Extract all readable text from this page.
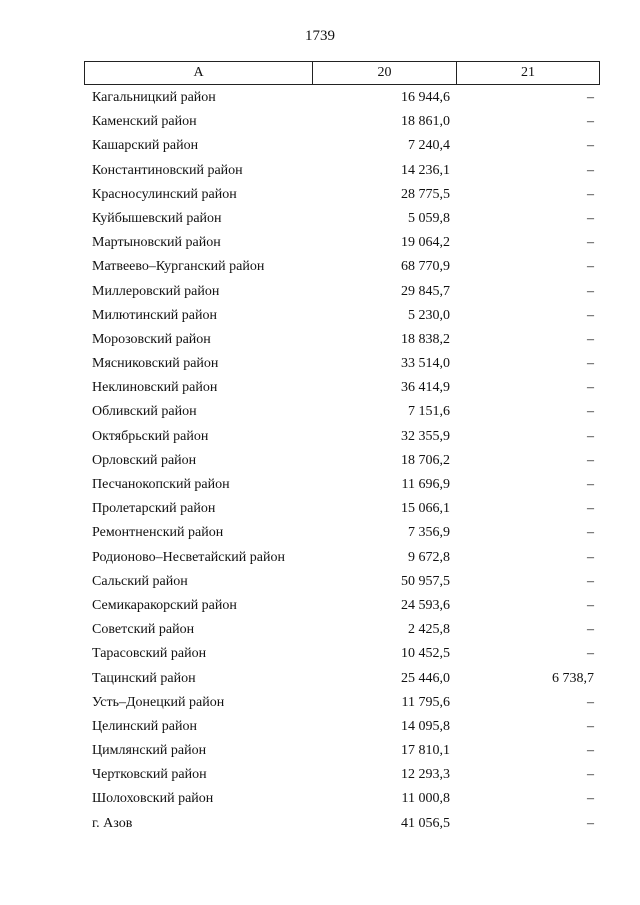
1739
А	20	21
Кагальницкий район	16 944,6	–
Каменский район	18 861,0	–
Кашарский район	7 240,4	–
Константиновский район	14 236,1	–
Красносулинский район	28 775,5	–
Куйбышевский район	5 059,8	–
Мартыновский район	19 064,2	–
Матвеево–Курганский район	68 770,9	–
Миллеровский район	29 845,7	–
Милютинский район	5 230,0	–
Морозовский район	18 838,2	–
Мясниковский район	33 514,0	–
Неклиновский район	36 414,9	–
Обливский район	7 151,6	–
Октябрьский район	32 355,9	–
Орловский район	18 706,2	–
Песчанокопский район	11 696,9	–
Пролетарский район	15 066,1	–
Ремонтненский район	7 356,9	–
Родионово–Несветайский район	9 672,8	–
Сальский район	50 957,5	–
Семикаракорский район	24 593,6	–
Советский район	2 425,8	–
Тарасовский район	10 452,5	–
Тацинский район	25 446,0	6 738,7
Усть–Донецкий район	11 795,6	–
Целинский район	14 095,8	–
Цимлянский район	17 810,1	–
Чертковский район	12 293,3	–
Шолоховский район	11 000,8	–
г. Азов	41 056,5	–
